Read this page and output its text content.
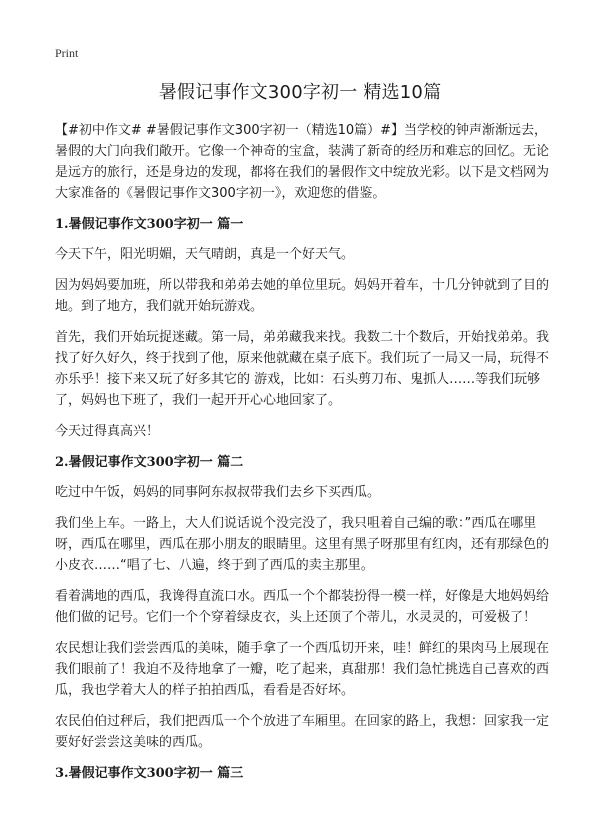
Print
暑假记事作文300字初一 精选10篇

【#初中作文# #暑假记事作文300字初一（精选10篇）#】当学校的钟声渐渐远去，暑假的大门向我们敞开。它像一个神奇的宝盒，装满了新奇的经历和难忘的回忆。无论是远方的旅行，还是身边的发现，都将在我们的暑假作文中绽放光彩。以下是文档网为大家准备的《暑假记事作文300字初一》，欢迎您的借鉴。

1.暑假记事作文300字初一 篇一

今天下午，阳光明媚，天气晴朗，真是一个好天气。

因为妈妈要加班，所以带我和弟弟去她的单位里玩。妈妈开着车，十几分钟就到了目的地。到了地方，我们就开始玩游戏。

首先，我们开始玩捉迷藏。第一局，弟弟藏我来找。我数二十个数后，开始找弟弟。我找了好久好久，终于找到了他，原来他就藏在桌子底下。我们玩了一局又一局，玩得不亦乐乎！接下来又玩了好多其它的 游戏，比如：石头剪刀布、鬼抓人……等我们玩够了，妈妈也下班了，我们一起开开心心地回家了。

今天过得真高兴！

2.暑假记事作文300字初一 篇二

吃过中午饭，妈妈的同事阿东叔叔带我们去乡下买西瓜。

我们坐上车。一路上，大人们说话说个没完没了，我只咀着自己编的歌：”西瓜在哪里呀，西瓜在哪里，西瓜在那小朋友的眼睛里。这里有黑子呀那里有红肉，还有那绿色的小皮衣……“唱了七、八遍，终于到了西瓜的卖主那里。

看着满地的西瓜，我谗得直流口水。西瓜一个个都装扮得一模一样，好像是大地妈妈给他们做的记号。它们一个个穿着绿皮衣，头上还顶了个蒂儿，水灵灵的，可爱极了！

农民想让我们尝尝西瓜的美味，随手拿了一个西瓜切开来，哇！鲜红的果肉马上展现在我们眼前了！我迫不及待地拿了一瓣，吃了起来，真甜那！我们急忙挑选自己喜欢的西瓜，我也学着大人的样子拍拍西瓜，看看是否好坏。

农民伯伯过秤后，我们把西瓜一个个放进了车厢里。在回家的路上，我想：回家我一定要好好尝尝这美味的西瓜。

3.暑假记事作文300字初一 篇三
